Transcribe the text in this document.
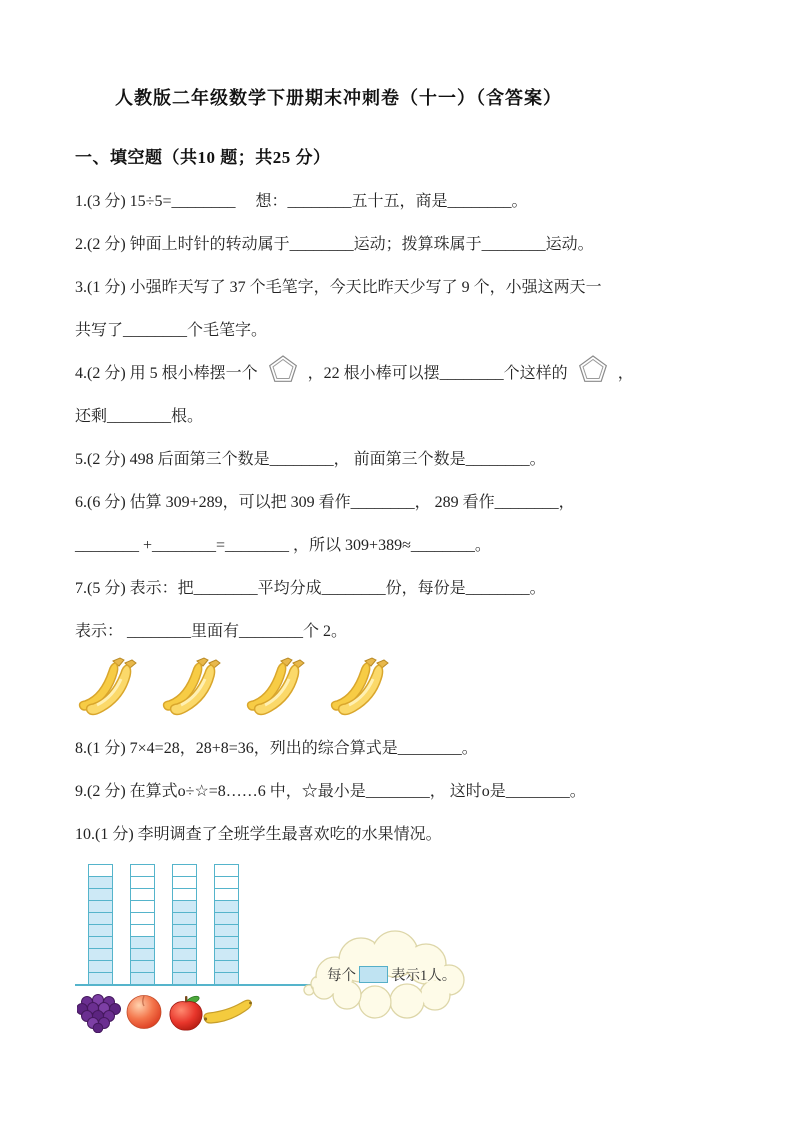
人教版二年级数学下册期末冲刺卷（十一）（含答案）
一、填空题（共10 题；共25 分）

1.(3 分) 15÷5=________　 想：________五十五，商是________。

2.(2 分) 钟面上时针的转动属于________运动；拨算珠属于________运动。

3.(1 分) 小强昨天写了 37 个毛笔字，今天比昨天少写了 9 个，小强这两天一

共写了________个毛笔字。

4.(2 分) 用 5 根小棒摆一个	，22 根小棒可以摆________个这样的	，

还剩________根。

5.(2 分) 498 后面第三个数是________， 前面第三个数是________。

6.(6 分) 估算 309+289，可以把 309 看作________， 289 看作________，

________ +________=________ ，所以 309+389≈________。

7.(5 分) 表示：把________平均分成________份，每份是________。

表示： ________里面有________个 2。

8.(1 分) 7×4=28，28+8=36，列出的综合算式是________。

9.(2 分) 在算式o÷☆=8……6 中，☆最小是________， 这时o是________。

10.(1 分) 李明调查了全班学生最喜欢吃的水果情况。

每个 表示1人。
